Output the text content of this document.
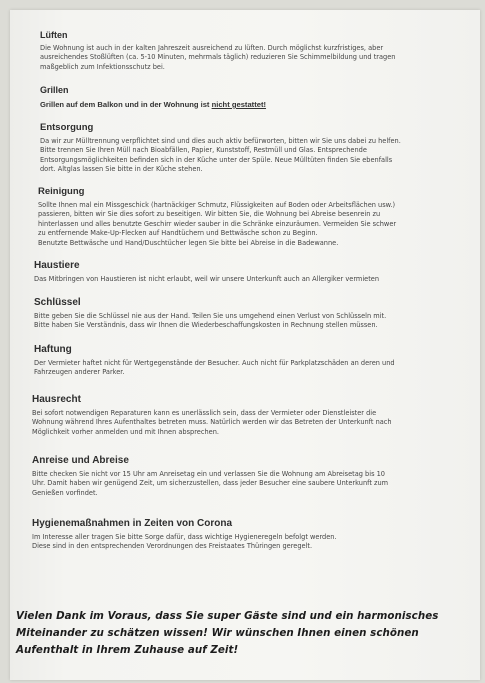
Lüften

Die Wohnung ist auch in der kalten Jahreszeit ausreichend zu lüften. Durch möglichst kurzfristiges, aber

ausreichendes Stoßlüften (ca. 5-10 Minuten, mehrmals täglich) reduzieren Sie Schimmelbildung und tragen

maßgeblich zum Infektionsschutz bei.

Grillen

Grillen auf dem Balkon und in der Wohnung ist nicht gestattet!

Entsorgung

Da wir zur Mülltrennung verpflichtet sind und dies auch aktiv befürworten, bitten wir Sie uns dabei zu helfen.

Bitte trennen Sie Ihren Müll nach Bioabfällen, Papier, Kunststoff, Restmüll und Glas. Entsprechende

Entsorgungsmöglichkeiten befinden sich in der Küche unter der Spüle. Neue Mülltüten finden Sie ebenfalls

dort. Altglas lassen Sie bitte in der Küche stehen.

Reinigung

Sollte Ihnen mal ein Missgeschick (hartnäckiger Schmutz, Flüssigkeiten auf Boden oder Arbeitsflächen usw.)

passieren, bitten wir Sie dies sofort zu beseitigen. Wir bitten Sie, die Wohnung bei Abreise besenrein zu

hinterlassen und alles benutzte Geschirr wieder sauber in die Schränke einzuräumen. Vermeiden Sie schwer

zu entfernende Make-Up-Flecken auf Handtüchern und Bettwäsche schon zu Beginn.

Benutzte Bettwäsche und Hand/Duschtücher legen Sie bitte bei Abreise in die Badewanne.

Haustiere

Das Mitbringen von Haustieren ist nicht erlaubt, weil wir unsere Unterkunft auch an Allergiker vermieten

Schlüssel

Bitte geben Sie die Schlüssel nie aus der Hand. Teilen Sie uns umgehend einen Verlust von Schlüsseln mit.

Bitte haben Sie Verständnis, dass wir Ihnen die Wiederbeschaffungskosten in Rechnung stellen müssen.

Haftung

Der Vermieter haftet nicht für Wertgegenstände der Besucher. Auch nicht für Parkplatzschäden an deren und

Fahrzeugen anderer Parker.

Hausrecht

Bei sofort notwendigen Reparaturen kann es unerlässlich sein, dass der Vermieter oder Dienstleister die

Wohnung während Ihres Aufenthaltes betreten muss. Natürlich werden wir das Betreten der Unterkunft nach

Möglichkeit vorher anmelden und mit Ihnen absprechen.

Anreise und Abreise

Bitte checken Sie nicht vor 15 Uhr am Anreisetag ein und verlassen Sie die Wohnung am Abreisetag bis 10

Uhr. Damit haben wir genügend Zeit, um sicherzustellen, dass jeder Besucher eine saubere Unterkunft zum

Genießen vorfindet.

Hygienemaßnahmen in Zeiten von Corona

Im Interesse aller tragen Sie bitte Sorge dafür, dass wichtige Hygieneregeln befolgt werden.

Diese sind in den entsprechenden Verordnungen des Freistaates Thüringen geregelt.

Vielen Dank im Voraus, dass Sie super Gäste sind und ein harmonisches
Miteinander zu schätzen wissen! Wir wünschen Ihnen einen schönen
Aufenthalt in Ihrem Zuhause auf Zeit!
